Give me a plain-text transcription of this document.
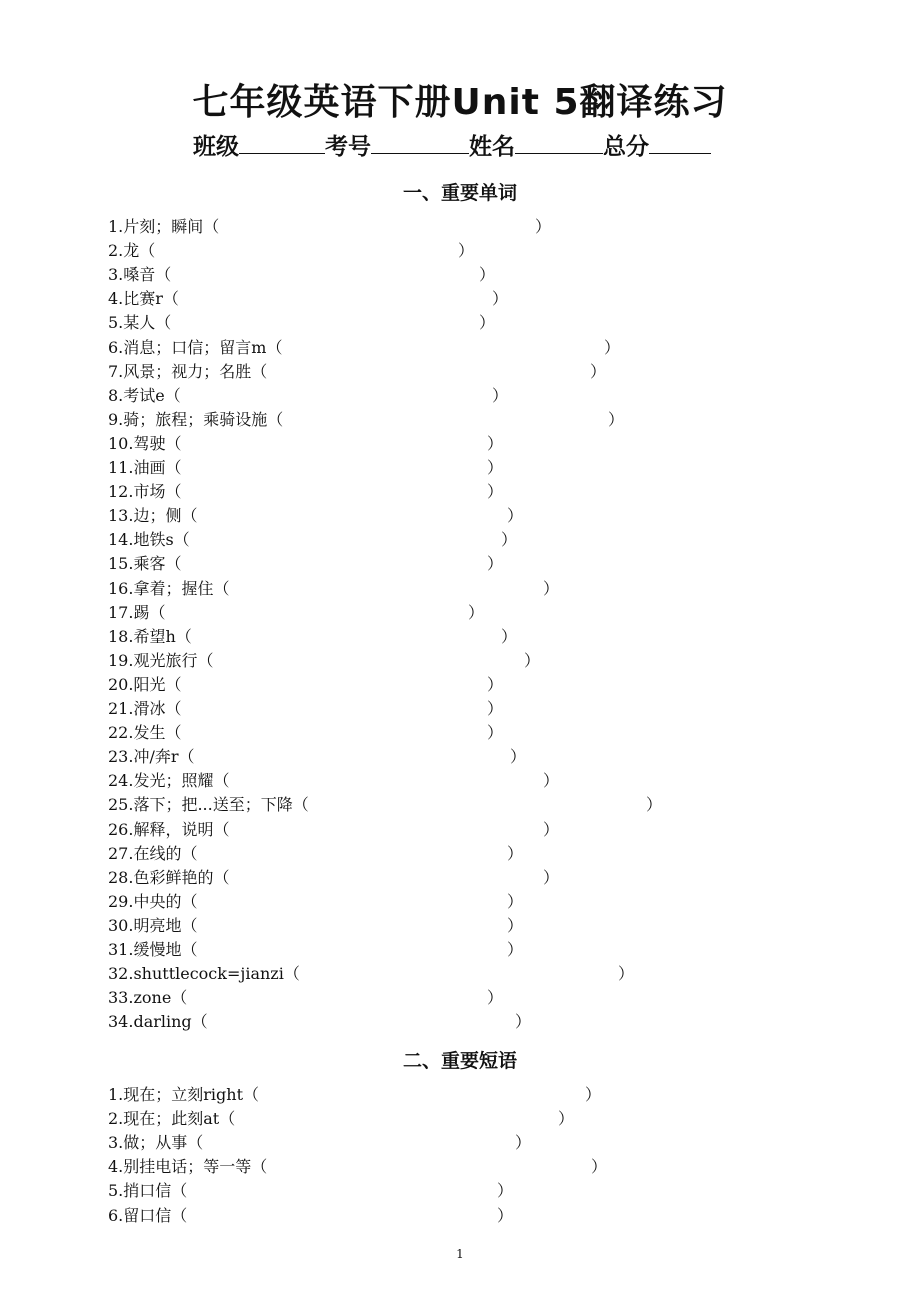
七年级英语下册Unit 5翻译练习
班级	考号	姓名	总分
一、重要单词
1.片刻；瞬间（	）
2.龙（	）
3.嗓音（	）
4.比赛r（	）
5.某人（	）
6.消息；口信；留言m（	）
7.风景；视力；名胜（	）
8.考试e（	）
9.骑；旅程；乘骑设施（	）
10.驾驶（	）
11.油画（	）
12.市场（	）
13.边；侧（	）
14.地铁s（	）
15.乘客（	）
16.拿着；握住（	）
17.踢（	）
18.希望h（	）
19.观光旅行（	）
20.阳光（	）
21.滑冰（	）
22.发生（	）
23.冲/奔r（	）
24.发光；照耀（	）
25.落下；把...送至；下降（	）
26.解释，说明（	）
27.在线的（	）
28.色彩鲜艳的（	）
29.中央的（	）
30.明亮地（	）
31.缓慢地（	）
32.shuttlecock=jianzi（	）
33.zone（	）
34.darling（	）
二、重要短语
1.现在；立刻right（	）
2.现在；此刻at（	）
3.做；从事（	）
4.别挂电话；等一等（	）
5.捎口信（	）
6.留口信（	）
1
